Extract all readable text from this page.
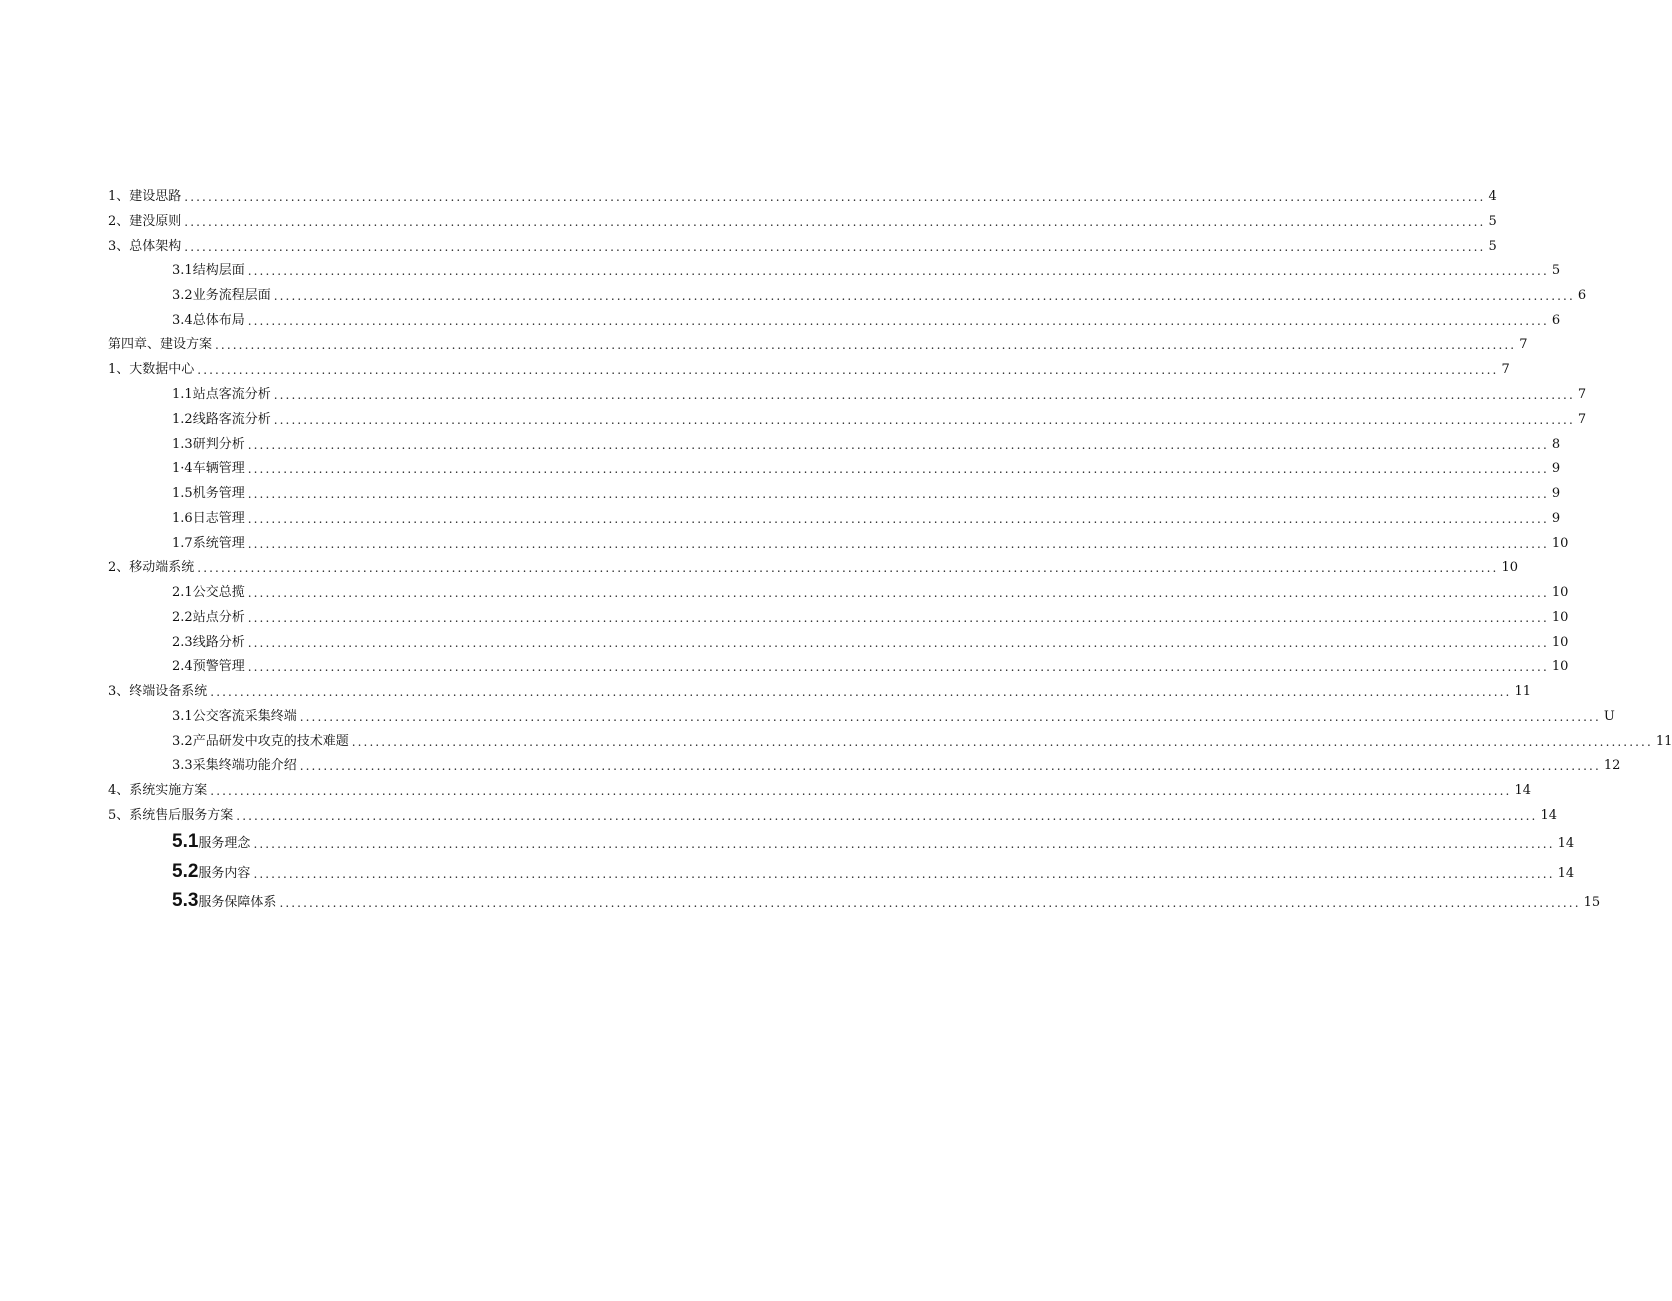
1、 建设思路 ............................................................................................................................................................................................................................ 4
2、 建没原则 ............................................................................................................................................................................................................................ 5
3、 总体架构 ............................................................................................................................................................................................................................ 5
3.1 结构层面 ............................................................................................................................................................................................................................ 5
3.2 业务流程层面 ............................................................................................................................................................................................................................ 6
3.4 总体布局 ............................................................................................................................................................................................................................ 6
第四章、建设方案 ............................................................................................................................................................................................................................ 7
1、 大数据中心 ............................................................................................................................................................................................................................ 7
1.1 站点客流分析 ............................................................................................................................................................................................................................ 7
1.2 线路客流分析 ............................................................................................................................................................................................................................ 7
1.3 研判分析 ............................................................................................................................................................................................................................ 8
1·4 车辆管理 ............................................................................................................................................................................................................................ 9
1.5 机务管理 ............................................................................................................................................................................................................................ 9
1.6 日志管理 ............................................................................................................................................................................................................................ 9
1.7 系统管理 ............................................................................................................................................................................................................................ 10
2、 移动端系统 ............................................................................................................................................................................................................................ 10
2.1 公交总揽 ............................................................................................................................................................................................................................ 10
2.2 站点分析 ............................................................................................................................................................................................................................ 10
2.3 线路分析 ............................................................................................................................................................................................................................ 10
2.4 预警管理 ............................................................................................................................................................................................................................ 10
3、 终端设备系统 ............................................................................................................................................................................................................................ 11
3.1 公交客流采集终端 ............................................................................................................................................................................................................................ U
3.2 产品研发中攻克的技术难题 ............................................................................................................................................................................................................................ 11
3.3 采集终端功能介绍 ............................................................................................................................................................................................................................ 12
4、 系统实施方案 ............................................................................................................................................................................................................................ 14
5、 系统售后服务方案 ............................................................................................................................................................................................................................ 14
5.1 服务理念 ............................................................................................................................................................................................................................ 14
5.2 服务内容 ............................................................................................................................................................................................................................ 14
5.3 服务保障体系 ............................................................................................................................................................................................................................ 15
